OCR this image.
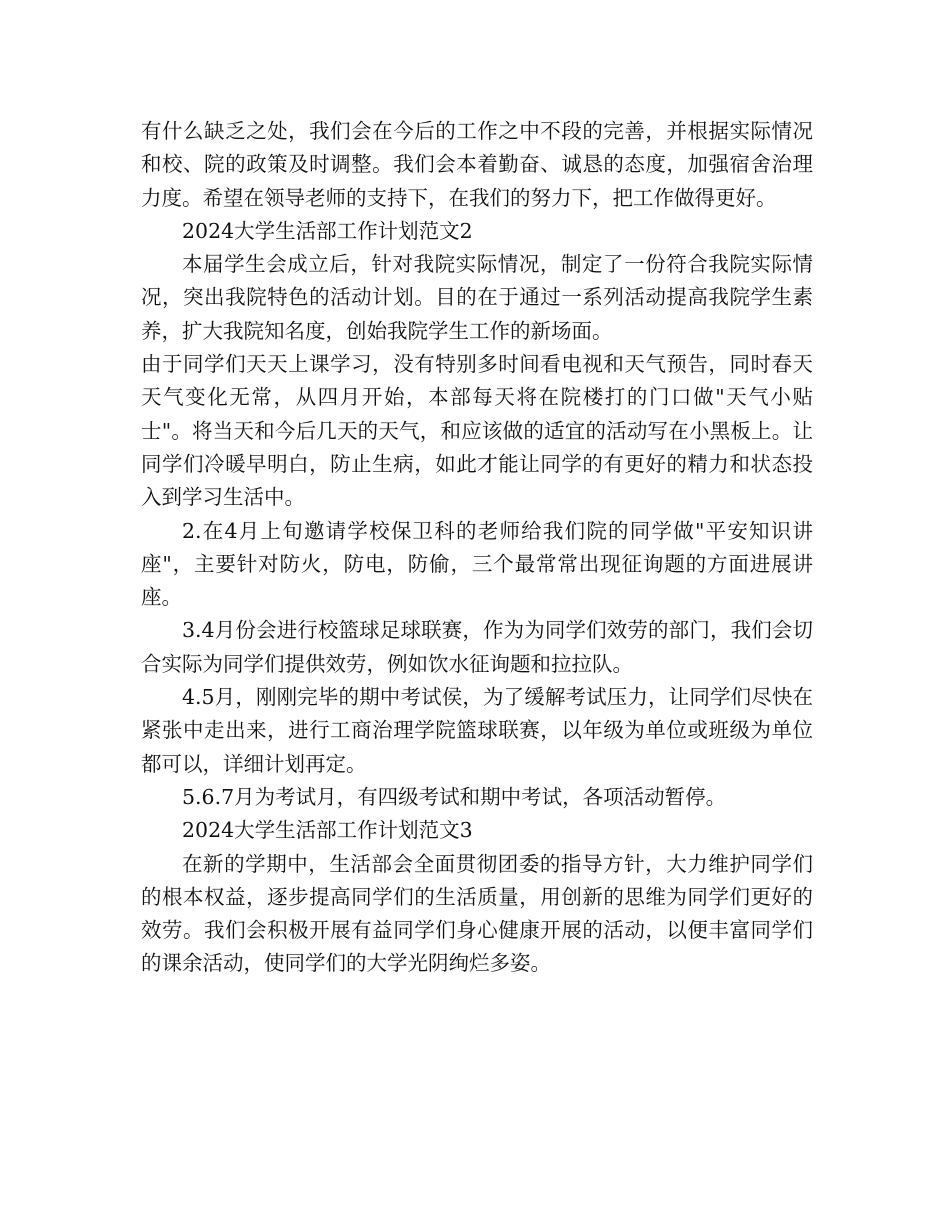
有什么缺乏之处，我们会在今后的工作之中不段的完善，并根据实际情况和校、院的政策及时调整。我们会本着勤奋、诚恳的态度，加强宿舍治理力度。希望在领导老师的支持下，在我们的努力下，把工作做得更好。

2024大学生活部工作计划范文2

本届学生会成立后，针对我院实际情况，制定了一份符合我院实际情况，突出我院特色的活动计划。目的在于通过一系列活动提高我院学生素养，扩大我院知名度，创始我院学生工作的新场面。

由于同学们天天上课学习，没有特别多时间看电视和天气预告，同时春天天气变化无常，从四月开始，本部每天将在院楼打的门口做"天气小贴士"。将当天和今后几天的天气，和应该做的适宜的活动写在小黑板上。让同学们冷暖早明白，防止生病，如此才能让同学的有更好的精力和状态投入到学习生活中。

2.在4月上旬邀请学校保卫科的老师给我们院的同学做"平安知识讲座"，主要针对防火，防电，防偷，三个最常常出现征询题的方面进展讲座。

3.4月份会进行校篮球足球联赛，作为为同学们效劳的部门，我们会切合实际为同学们提供效劳，例如饮水征询题和拉拉队。

4.5月，刚刚完毕的期中考试侯，为了缓解考试压力，让同学们尽快在紧张中走出来，进行工商治理学院篮球联赛，以年级为单位或班级为单位都可以，详细计划再定。

5.6.7月为考试月，有四级考试和期中考试，各项活动暂停。

2024大学生活部工作计划范文3

在新的学期中，生活部会全面贯彻团委的指导方针，大力维护同学们的根本权益，逐步提高同学们的生活质量，用创新的思维为同学们更好的效劳。我们会积极开展有益同学们身心健康开展的活动，以便丰富同学们的课余活动，使同学们的大学光阴绚烂多姿。
